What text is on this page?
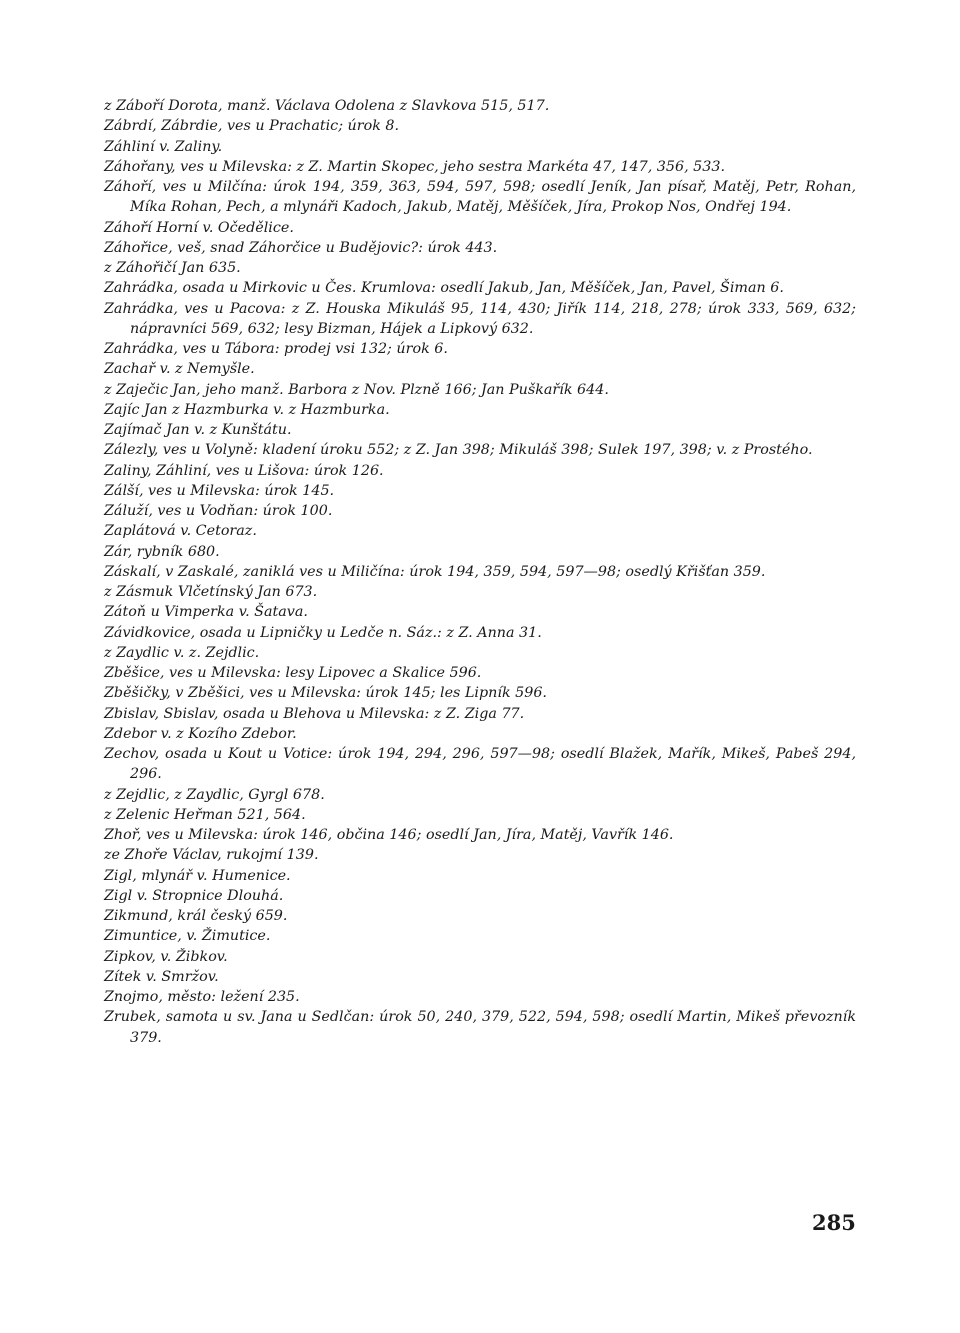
z Záboří Dorota, manž. Václava Odolena z Slavkova 515, 517.

Zábrdí, Zábrdie, ves u Prachatic; úrok 8.

Záhliní v. Zaliny.

Záhořany, ves u Milevska: z Z. Martin Skopec, jeho sestra Markéta 47, 147, 356, 533.

Záhoří, ves u Milčína: úrok 194, 359, 363, 594, 597, 598; osedlí Jeník, Jan písař, Matěj, Petr, Rohan, Míka Rohan, Pech, a mlynáři Kadoch, Jakub, Matěj, Měšíček, Jíra, Prokop Nos, Ondřej 194.

Záhoří Horní v. Očedělice.

Záhořice, veš, snad Záhorčice u Budějovic?: úrok 443.

z Záhořičí Jan 635.

Zahrádka, osada u Mirkovic u Čes. Krumlova: osedlí Jakub, Jan, Měšíček, Jan, Pavel, Šiman 6.

Zahrádka, ves u Pacova: z Z. Houska Mikuláš 95, 114, 430; Jiřík 114, 218, 278; úrok 333, 569, 632; nápravníci 569, 632; lesy Bizman, Hájek a Lipkový 632.

Zahrádka, ves u Tábora: prodej vsi 132; úrok 6.

Zachař v. z Nemyšle.

z Zaječic Jan, jeho manž. Barbora z Nov. Plzně 166; Jan Puškařík 644.

Zajíc Jan z Hazmburka v. z Hazmburka.

Zajímač Jan v. z Kunštátu.

Zálezly, ves u Volyně: kladení úroku 552; z Z. Jan 398; Mikuláš 398; Sulek 197, 398; v. z Prostého.

Zaliny, Záhliní, ves u Lišova: úrok 126.

Zálší, ves u Milevska: úrok 145.

Záluží, ves u Vodňan: úrok 100.

Zaplátová v. Cetoraz.

Zár, rybník 680.

Záskalí, v Zaskalé, zaniklá ves u Miličína: úrok 194, 359, 594, 597—98; osedlý Křišťan 359.

z Zásmuk Vlčetínský Jan 673.

Zátoň u Vimperka v. Šatava.

Závidkovice, osada u Lipničky u Ledče n. Sáz.: z Z. Anna 31.

z Zaydlic v. z. Zejdlic.

Zběšice, ves u Milevska: lesy Lipovec a Skalice 596.

Zběšičky, v Zběšici, ves u Milevska: úrok 145; les Lipník 596.

Zbislav, Sbislav, osada u Blehova u Milevska: z Z. Ziga 77.

Zdebor v. z Kozího Zdebor.

Zechov, osada u Kout u Votice: úrok 194, 294, 296, 597—98; osedlí Blažek, Mařík, Mikeš, Pabeš 294, 296.

z Zejdlic, z Zaydlic, Gyrgl 678.

z Zelenic Heřman 521, 564.

Zhoř, ves u Milevska: úrok 146, občina 146; osedlí Jan, Jíra, Matěj, Vavřík 146.

ze Zhoře Václav, rukojmí 139.

Zigl, mlynář v. Humenice.

Zigl v. Stropnice Dlouhá.

Zikmund, král český 659.

Zimuntice, v. Žimutice.

Zipkov, v. Žibkov.

Zítek v. Smržov.

Znojmo, město: ležení 235.

Zrubek, samota u sv. Jana u Sedlčan: úrok 50, 240, 379, 522, 594, 598; osedlí Martin, Mikeš převozník 379.

285
